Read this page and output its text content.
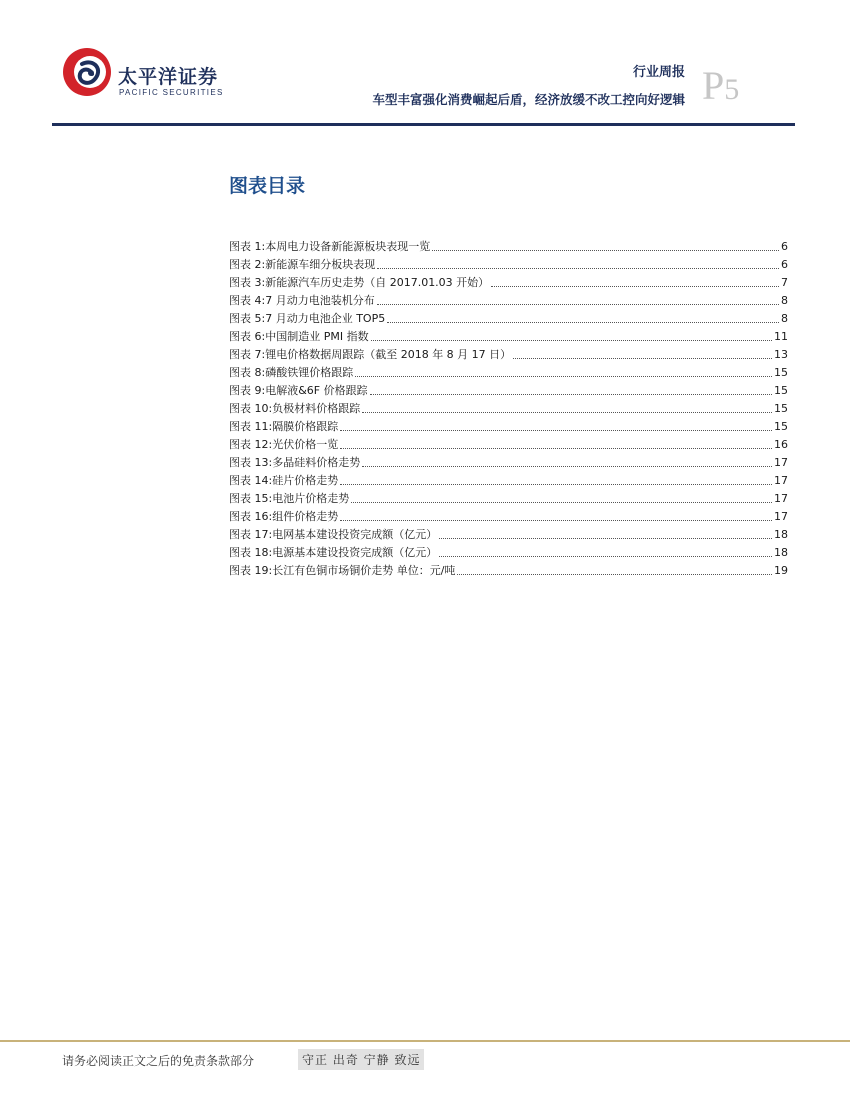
太平洋证券
PACIFIC SECURITIES
行业周报
车型丰富强化消费崛起后盾，经济放缓不改工控向好逻辑 P5
图表目录
图表 1: 本周电力设备新能源板块表现一览	6
图表 2: 新能源车细分板块表现	6
图表 3: 新能源汽车历史走势（自 2017.01.03 开始）	7
图表 4: 7 月动力电池装机分布	8
图表 5: 7 月动力电池企业 TOP5	8
图表 6: 中国制造业 PMI 指数	11
图表 7: 锂电价格数据周跟踪（截至 2018 年 8 月 17 日）	13
图表 8: 磷酸铁锂价格跟踪	15
图表 9: 电解液&6F 价格跟踪	15
图表 10: 负极材料价格跟踪	15
图表 11: 隔膜价格跟踪	15
图表 12: 光伏价格一览	16
图表 13: 多晶硅料价格走势	17
图表 14: 硅片价格走势	17
图表 15: 电池片价格走势	17
图表 16: 组件价格走势	17
图表 17: 电网基本建设投资完成额（亿元）	18
图表 18: 电源基本建设投资完成额（亿元）	18
图表 19: 长江有色铜市场铜价走势 单位：元/吨	19
请务必阅读正文之后的免责条款部分	守正 出奇 宁静 致远
